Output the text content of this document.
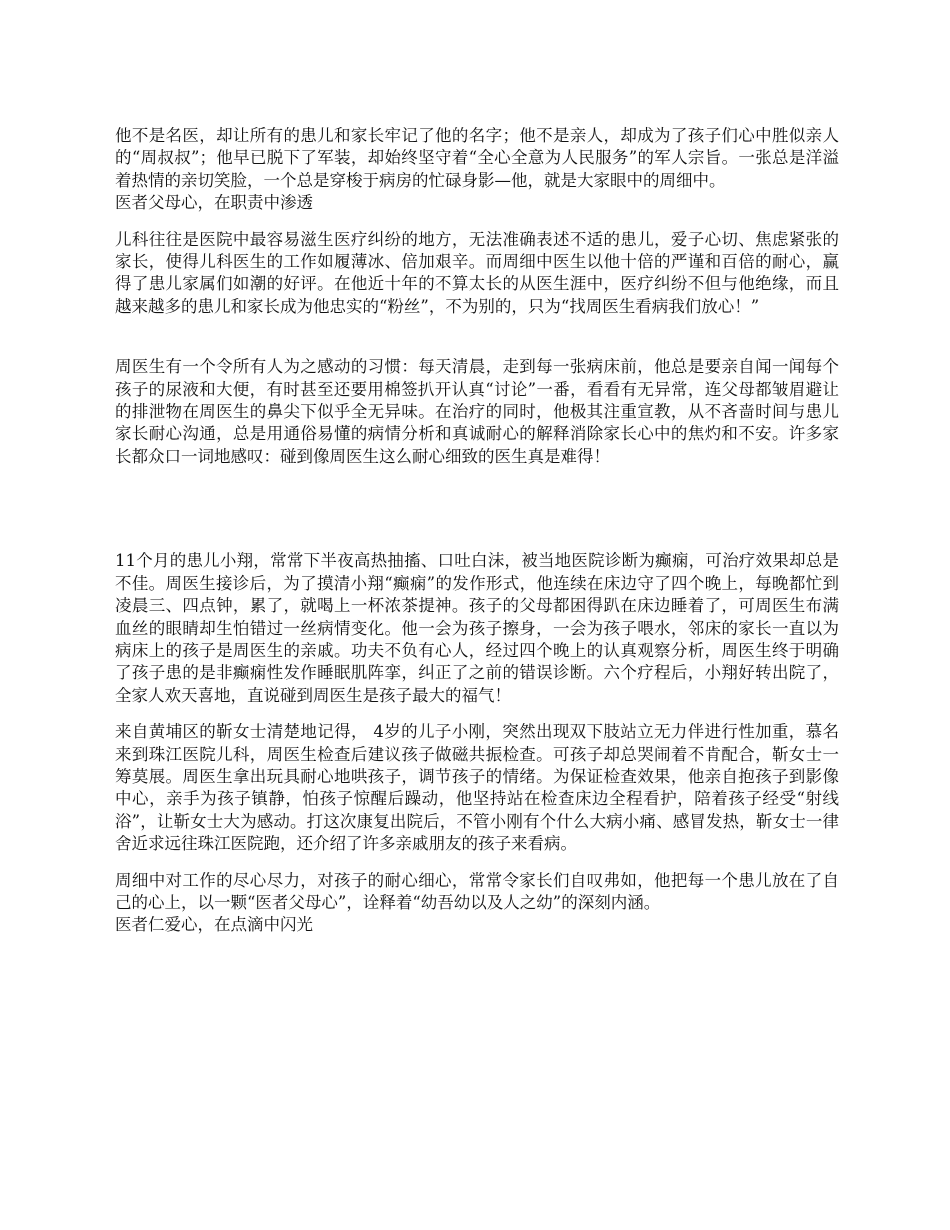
他不是名医，却让所有的患儿和家长牢记了他的名字；他不是亲人，却成为了孩子们心中胜似亲人的“周叔叔”；他早已脱下了军装，却始终坚守着“全心全意为人民服务”的军人宗旨。一张总是洋溢着热情的亲切笑脸，一个总是穿梭于病房的忙碌身影—他，就是大家眼中的周细中。

医者父母心，在职责中渗透

儿科往往是医院中最容易滋生医疗纠纷的地方，无法准确表述不适的患儿，爱子心切、焦虑紧张的家长，使得儿科医生的工作如履薄冰、倍加艰辛。而周细中医生以他十倍的严谨和百倍的耐心，赢得了患儿家属们如潮的好评。在他近十年的不算太长的从医生涯中，医疗纠纷不但与他绝缘，而且越来越多的患儿和家长成为他忠实的“粉丝”，不为别的，只为“找周医生看病我们放心！”

周医生有一个令所有人为之感动的习惯：每天清晨，走到每一张病床前，他总是要亲自闻一闻每个孩子的尿液和大便，有时甚至还要用棉签扒开认真“讨论”一番，看看有无异常，连父母都皱眉避让的排泄物在周医生的鼻尖下似乎全无异味。在治疗的同时，他极其注重宣教，从不吝啬时间与患儿家长耐心沟通，总是用通俗易懂的病情分析和真诚耐心的解释消除家长心中的焦灼和不安。许多家长都众口一词地感叹：碰到像周医生这么耐心细致的医生真是难得！

11个月的患儿小翔，常常下半夜高热抽搐、口吐白沫，被当地医院诊断为癫痫，可治疗效果却总是不佳。周医生接诊后，为了摸清小翔“癫痫”的发作形式，他连续在床边守了四个晚上，每晚都忙到凌晨三、四点钟，累了，就喝上一杯浓茶提神。孩子的父母都困得趴在床边睡着了，可周医生布满血丝的眼睛却生怕错过一丝病情变化。他一会为孩子擦身，一会为孩子喂水，邻床的家长一直以为病床上的孩子是周医生的亲戚。功夫不负有心人，经过四个晚上的认真观察分析，周医生终于明确了孩子患的是非癫痫性发作睡眠肌阵挛，纠正了之前的错误诊断。六个疗程后，小翔好转出院了，全家人欢天喜地，直说碰到周医生是孩子最大的福气！

来自黄埔区的靳女士清楚地记得， 4岁的儿子小刚，突然出现双下肢站立无力伴进行性加重，慕名来到珠江医院儿科，周医生检查后建议孩子做磁共振检查。可孩子却总哭闹着不肯配合，靳女士一筹莫展。周医生拿出玩具耐心地哄孩子，调节孩子的情绪。为保证检查效果，他亲自抱孩子到影像中心，亲手为孩子镇静，怕孩子惊醒后躁动，他坚持站在检查床边全程看护，陪着孩子经受“射线浴”，让靳女士大为感动。打这次康复出院后，不管小刚有个什么大病小痛、感冒发热，靳女士一律舍近求远往珠江医院跑，还介绍了许多亲戚朋友的孩子来看病。

周细中对工作的尽心尽力，对孩子的耐心细心，常常令家长们自叹弗如，他把每一个患儿放在了自己的心上，以一颗“医者父母心”，诠释着“幼吾幼以及人之幼”的深刻内涵。

医者仁爱心，在点滴中闪光
